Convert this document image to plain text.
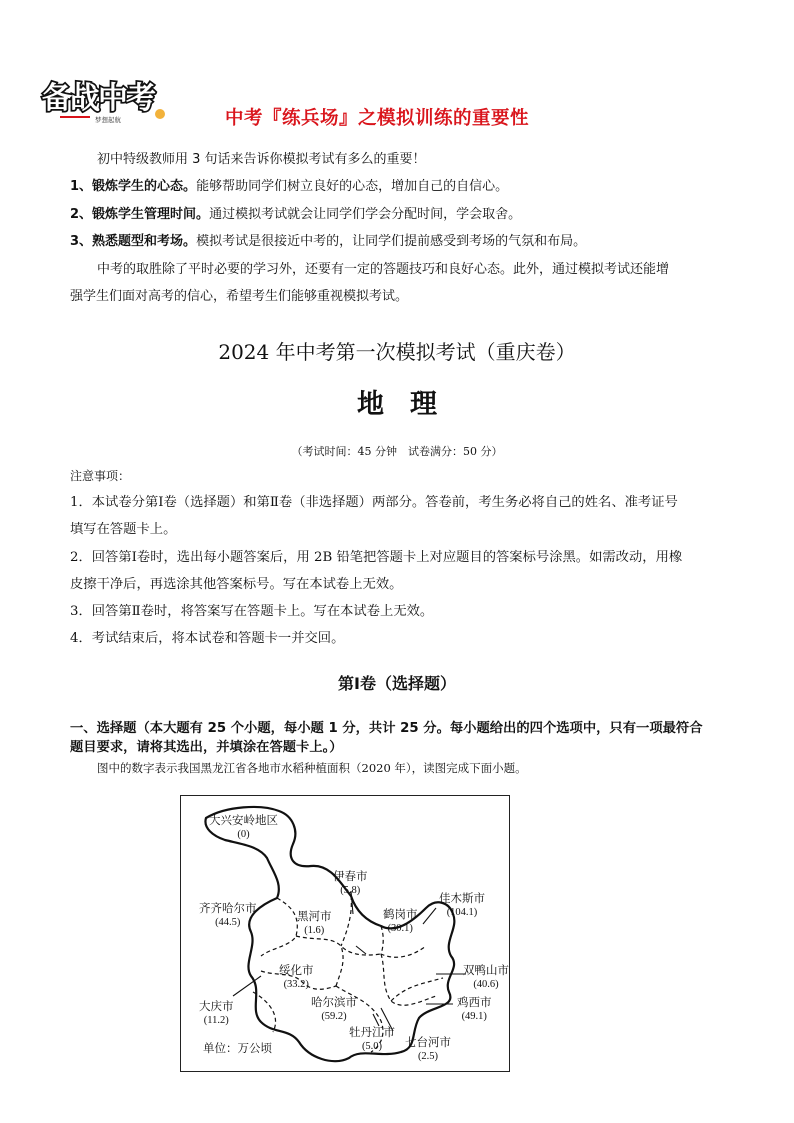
备战中考
梦想起航	中考『练兵场』之模拟训练的重要性
初中特级教师用 3 句话来告诉你模拟考试有多么的重要！
1、锻炼学生的心态。能够帮助同学们树立良好的心态，增加自己的自信心。
2、锻炼学生管理时间。通过模拟考试就会让同学们学会分配时间，学会取舍。
3、熟悉题型和考场。模拟考试是很接近中考的，让同学们提前感受到考场的气氛和布局。
中考的取胜除了平时必要的学习外，还要有一定的答题技巧和良好心态。此外，通过模拟考试还能增
强学生们面对高考的信心，希望考生们能够重视模拟考试。
2024 年中考第一次模拟考试（重庆卷）
地理
（考试时间：45 分钟　试卷满分：50 分）
注意事项：
1．本试卷分第Ⅰ卷（选择题）和第Ⅱ卷（非选择题）两部分。答卷前，考生务必将自己的姓名、准考证号
填写在答题卡上。
2．回答第Ⅰ卷时，选出每小题答案后，用 2B 铅笔把答题卡上对应题目的答案标号涂黑。如需改动，用橡
皮擦干净后，再选涂其他答案标号。写在本试卷上无效。
3．回答第Ⅱ卷时，将答案写在答题卡上。写在本试卷上无效。
4．考试结束后，将本试卷和答题卡一并交回。
第Ⅰ卷（选择题）
一、选择题（本大题有 25 个小题，每小题 1 分，共计 25 分。每小题给出的四个选项中，只有一项最符合
题目要求，请将其选出，并填涂在答题卡上。）
图中的数字表示我国黑龙江省各地市水稻种植面积（2020 年），读图完成下面小题。
大兴安岭地区
(0)
伊春市
(5.8)
佳木斯市
(104.1)
齐齐哈尔市
(44.5)	黑河市
(1.6)
鹤岗市
(30.1)
双鸭山市
(40.6)
绥化市
(33.2)
哈尔滨市
(59.2)
鸡西市
(49.1)
大庆市
(11.2)
牡丹江市
(5.0)	七台河市
(2.5)
单位：万公顷
